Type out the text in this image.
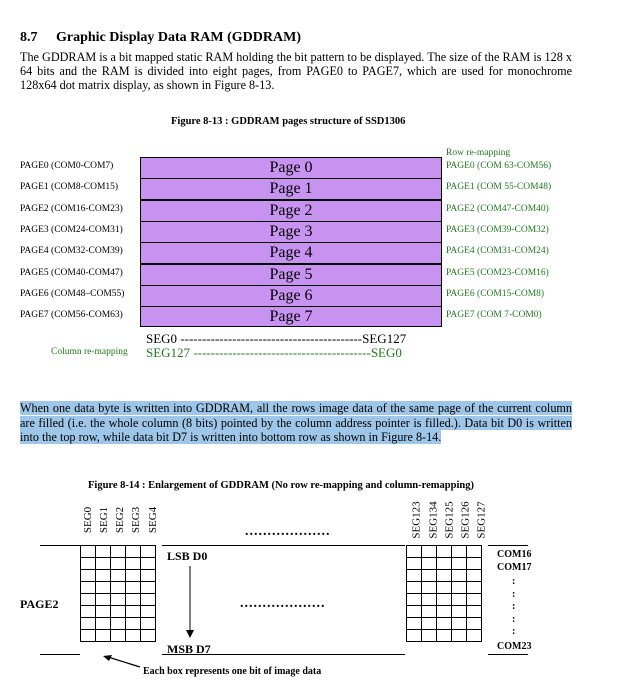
8.7 Graphic Display Data RAM (GDDRAM)
The GDDRAM is a bit mapped static RAM holding the bit pattern to be displayed. The size of the RAM is 128 x 64 bits and the RAM is divided into eight pages, from PAGE0 to PAGE7, which are used for monochrome 128x64 dot matrix display, as shown in Figure 8-13.
Figure 8-13 : GDDRAM pages structure of SSD1306
Row re-mapping
PAGE0 (COM0-COM7)	Page 0	PAGE0 (COM 63-COM56)
PAGE1 (COM8-COM15)	Page 1	PAGE1 (COM 55-COM48)
PAGE2 (COM16-COM23)	Page 2	PAGE2 (COM47-COM40)
PAGE3 (COM24-COM31)	Page 3	PAGE3 (COM39-COM32)
PAGE4 (COM32-COM39)	Page 4	PAGE4 (COM31-COM24)
PAGE5 (COM40-COM47)	Page 5	PAGE5 (COM23-COM16)
PAGE6 (COM48–COM55)	Page 6	PAGE6 (COM15-COM8)
PAGE7 (COM56-COM63)	Page 7	PAGE7 (COM 7-COM0)
SEG0 ------------------------------------------SEG127
Column re-mapping SEG127 -----------------------------------------SEG0
When one data byte is written into GDDRAM, all the rows image data of the same page of the current column are filled (i.e. the whole column (8 bits) pointed by the column address pointer is filled.). Data bit D0 is written into the top row, while data bit D7 is written into bottom row as shown in Figure 8-14.
Figure 8-14 : Enlargement of GDDRAM (No row re-mapping and column-remapping)
SEG0 SEG1 SEG2 SEG3 SEG4	SEG123 SEG134 SEG125 SEG126 SEG127
...................
...................

PAGE2
LSB D0
MSB D7
COM16
COM17
:
:
:
:
:
COM23
Each box represents one bit of image data
